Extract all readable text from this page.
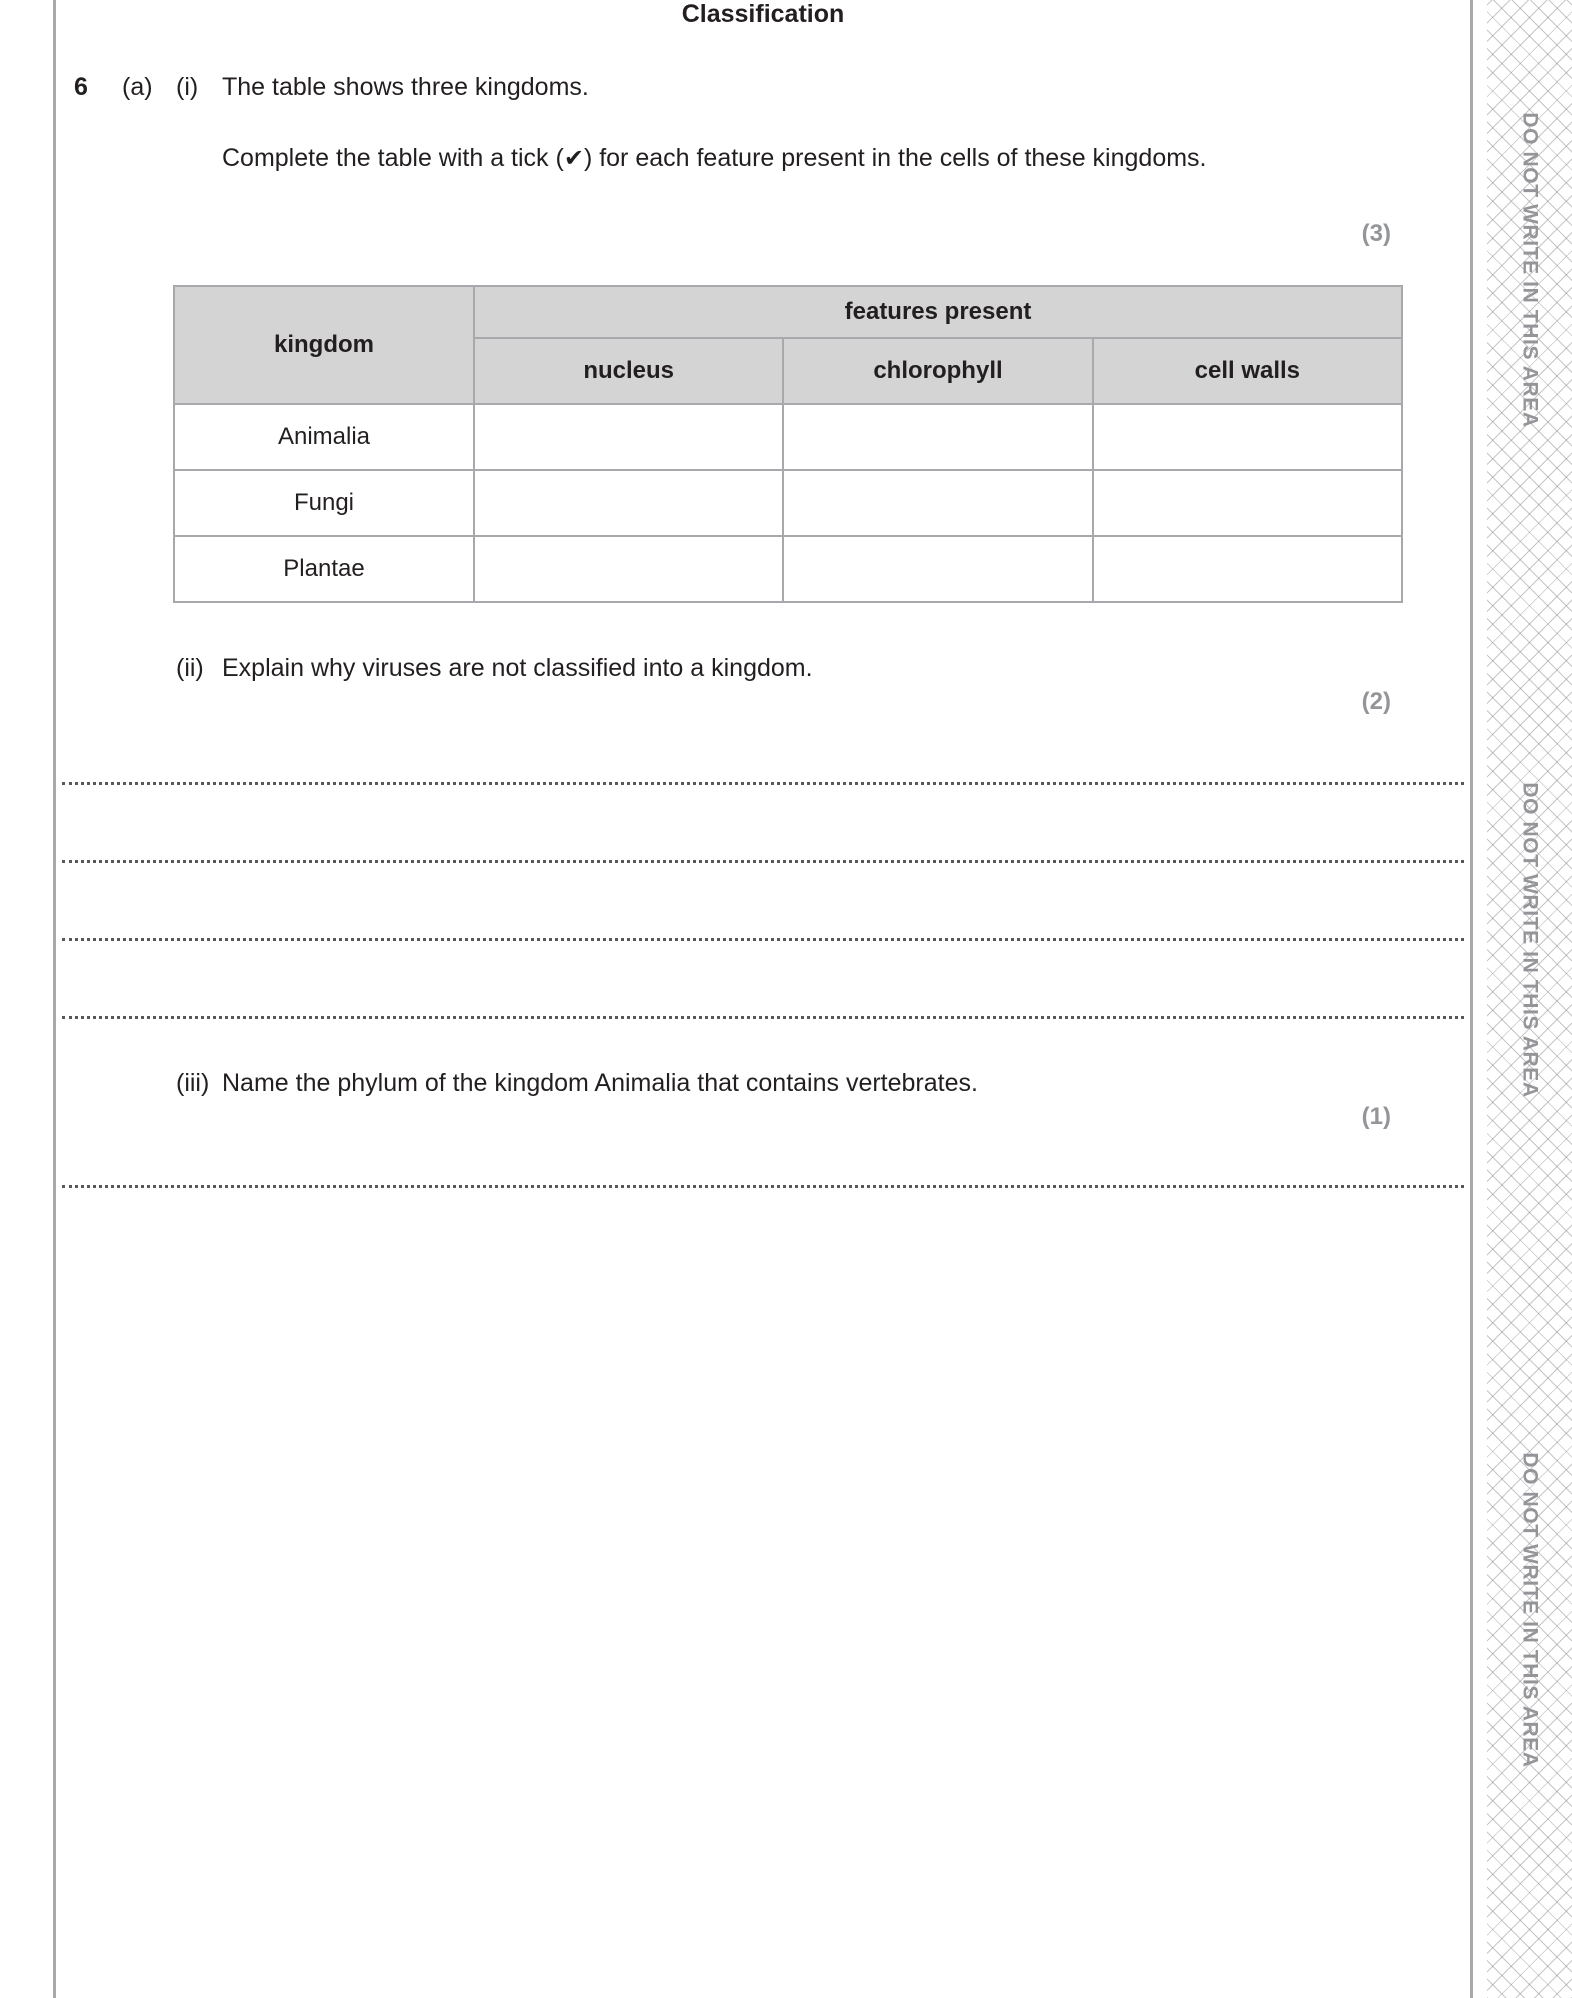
DO NOT WRITE IN THIS AREA
DO NOT WRITE IN THIS AREA
DO NOT WRITE IN THIS AREA
Classification
6 (a) (i) The table shows three kingdoms.
Complete the table with a tick (✔) for each feature present in the cells of these kingdoms.
(3)
kingdom	features present		
	nucleus	chlorophyll	cell walls
Animalia			
Fungi			
Plantae			
(ii) Explain why viruses are not classified into a kingdom.
(2)
(iii) Name the phylum of the kingdom Animalia that contains vertebrates.
(1)
